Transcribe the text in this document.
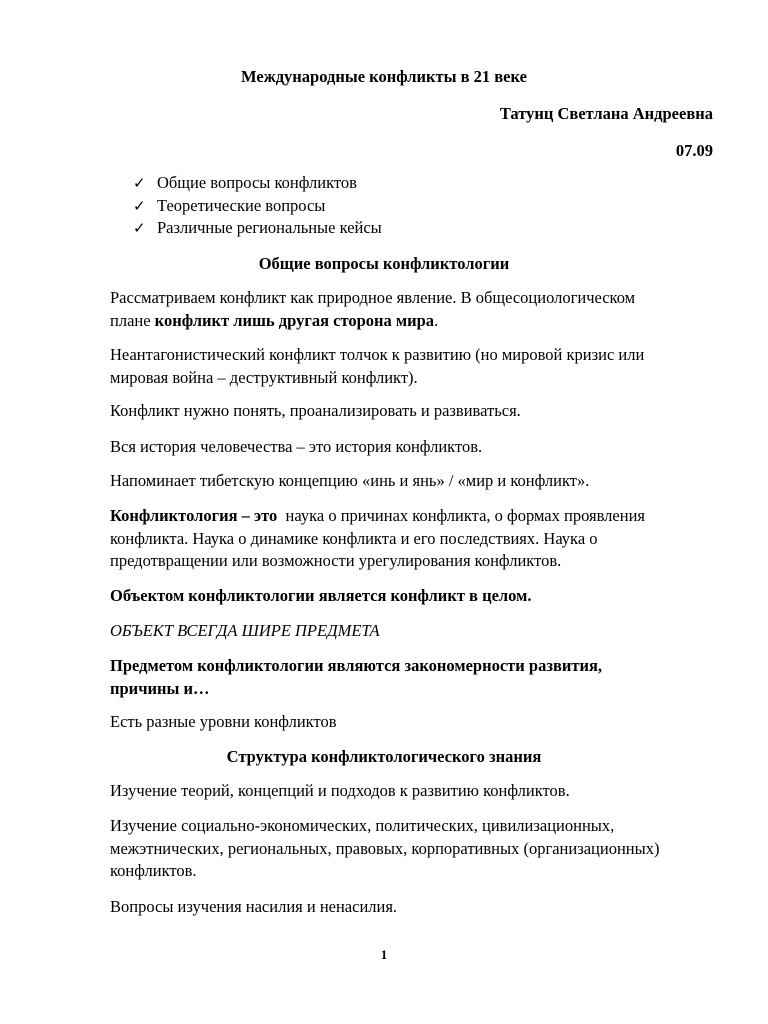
Международные конфликты в 21 веке
Татунц Светлана Андреевна
07.09
✓ Общие вопросы конфликтов
✓ Теоретические вопросы
✓ Различные региональные кейсы
Общие вопросы конфликтологии
Рассматриваем конфликт как природное явление. В общесоциологическом
плане конфликт лишь другая сторона мира.
Неантагонистический конфликт толчок к развитию (но мировой кризис или
мировая война – деструктивный конфликт).
Конфликт нужно понять, проанализировать и развиваться.
Вся история человечества – это история конфликтов.
Напоминает тибетскую концепцию «инь и янь» / «мир и конфликт».
Конфликтология – это  наука о причинах конфликта, о формах проявления
конфликта. Наука о динамике конфликта и его последствиях. Наука о
предотвращении или возможности урегулирования конфликтов.
Объектом конфликтологии является конфликт в целом.
ОБЪЕКТ ВСЕГДА ШИРЕ ПРЕДМЕТА
Предметом конфликтологии являются закономерности развития,
причины и…
Есть разные уровни конфликтов
Структура конфликтологического знания
Изучение теорий, концепций и подходов к развитию конфликтов.
Изучение социально-экономических, политических, цивилизационных,
межэтнических, региональных, правовых, корпоративных (организационных)
конфликтов.
Вопросы изучения насилия и ненасилия.
1
